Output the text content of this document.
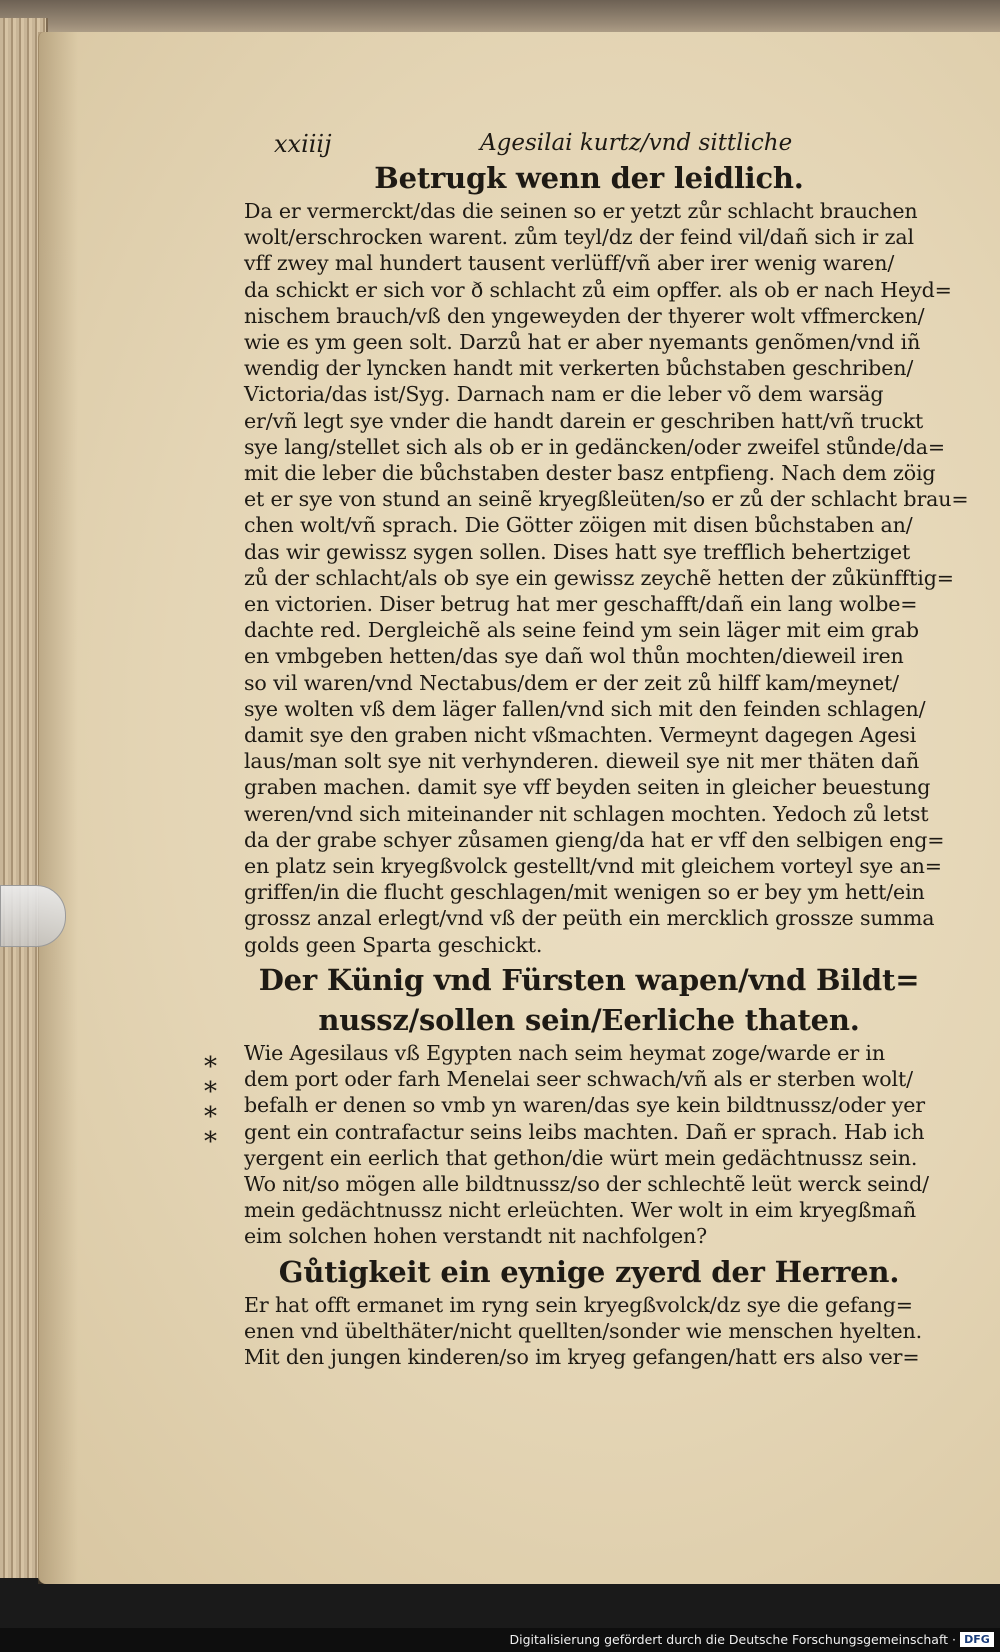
xxiiij	Agesilai kurtz/vnd sittliche
Betrugk wenn der leidlich.
Da er vermerckt/das die seinen so er yetzt zůr schlacht brauchen
wolt/erschrocken warent. zům teyl/dz der feind vil/dañ sich ir zal
vff zwey mal hundert tausent verlüff/vñ aber irer wenig waren/
da schickt er sich vor ð schlacht zů eim opffer. als ob er nach Heyd=
nischem brauch/vß den yngeweyden der thyerer wolt vffmercken/
wie es ym geen solt. Darzů hat er aber nyemants genõmen/vnd iñ
wendig der lyncken handt mit verkerten bůchstaben geschriben/
Victoria/das ist/Syg. Darnach nam er die leber võ dem warsäg
er/vñ legt sye vnder die handt darein er geschriben hatt/vñ truckt
sye lang/stellet sich als ob er in gedäncken/oder zweifel stůnde/da=
mit die leber die bůchstaben dester basz entpfieng. Nach dem zöig
et er sye von stund an seinẽ kryegßleüten/so er zů der schlacht brau=
chen wolt/vñ sprach. Die Götter zöigen mit disen bůchstaben an/
das wir gewissz sygen sollen. Dises hatt sye trefflich behertziget
zů der schlacht/als ob sye ein gewissz zeychẽ hetten der zůkünfftig=
en victorien. Diser betrug hat mer geschafft/dañ ein lang wolbe=
dachte red. Dergleichẽ als seine feind ym sein läger mit eim grab
en vmbgeben hetten/das sye dañ wol thůn mochten/dieweil iren
so vil waren/vnd Nectabus/dem er der zeit zů hilff kam/meynet/
sye wolten vß dem läger fallen/vnd sich mit den feinden schlagen/
damit sye den graben nicht vßmachten. Vermeynt dagegen Agesi
laus/man solt sye nit verhynderen. dieweil sye nit mer thäten dañ
graben machen. damit sye vff beyden seiten in gleicher beuestung
weren/vnd sich miteinander nit schlagen mochten. Yedoch zů letst
da der grabe schyer zůsamen gieng/da hat er vff den selbigen eng=
en platz sein kryegßvolck gestellt/vnd mit gleichem vorteyl sye an=
griffen/in die flucht geschlagen/mit wenigen so er bey ym hett/ein
grossz anzal erlegt/vnd vß der peüth ein mercklich grossze summa
golds geen Sparta geschickt.
Der Künig vnd Fürsten wapen/vnd Bildt=
nussz/sollen sein/Eerliche thaten.
Wie Agesilaus vß Egypten nach seim heymat zoge/warde er in
dem port oder farh Menelai seer schwach/vñ als er sterben wolt/
befalh er denen so vmb yn waren/das sye kein bildtnussz/oder yer
gent ein contrafactur seins leibs machten. Dañ er sprach. Hab ich
yergent ein eerlich that gethon/die würt mein gedächtnussz sein.
Wo nit/so mögen alle bildtnussz/so der schlechtẽ leüt werck seind/
mein gedächtnussz nicht erleüchten. Wer wolt in eim kryegßmañ
eim solchen hohen verstandt nit nachfolgen?
Gůtigkeit ein eynige zyerd der Herren.
Er hat offt ermanet im ryng sein kryegßvolck/dz sye die gefang=
enen vnd übelthäter/nicht quellten/sonder wie menschen hyelten.
Mit den jungen kinderen/so im kryeg gefangen/hatt ers also ver=
*
*
*
*
Digitalisierung gefördert durch die Deutsche Forschungsgemeinschaft · DFG
